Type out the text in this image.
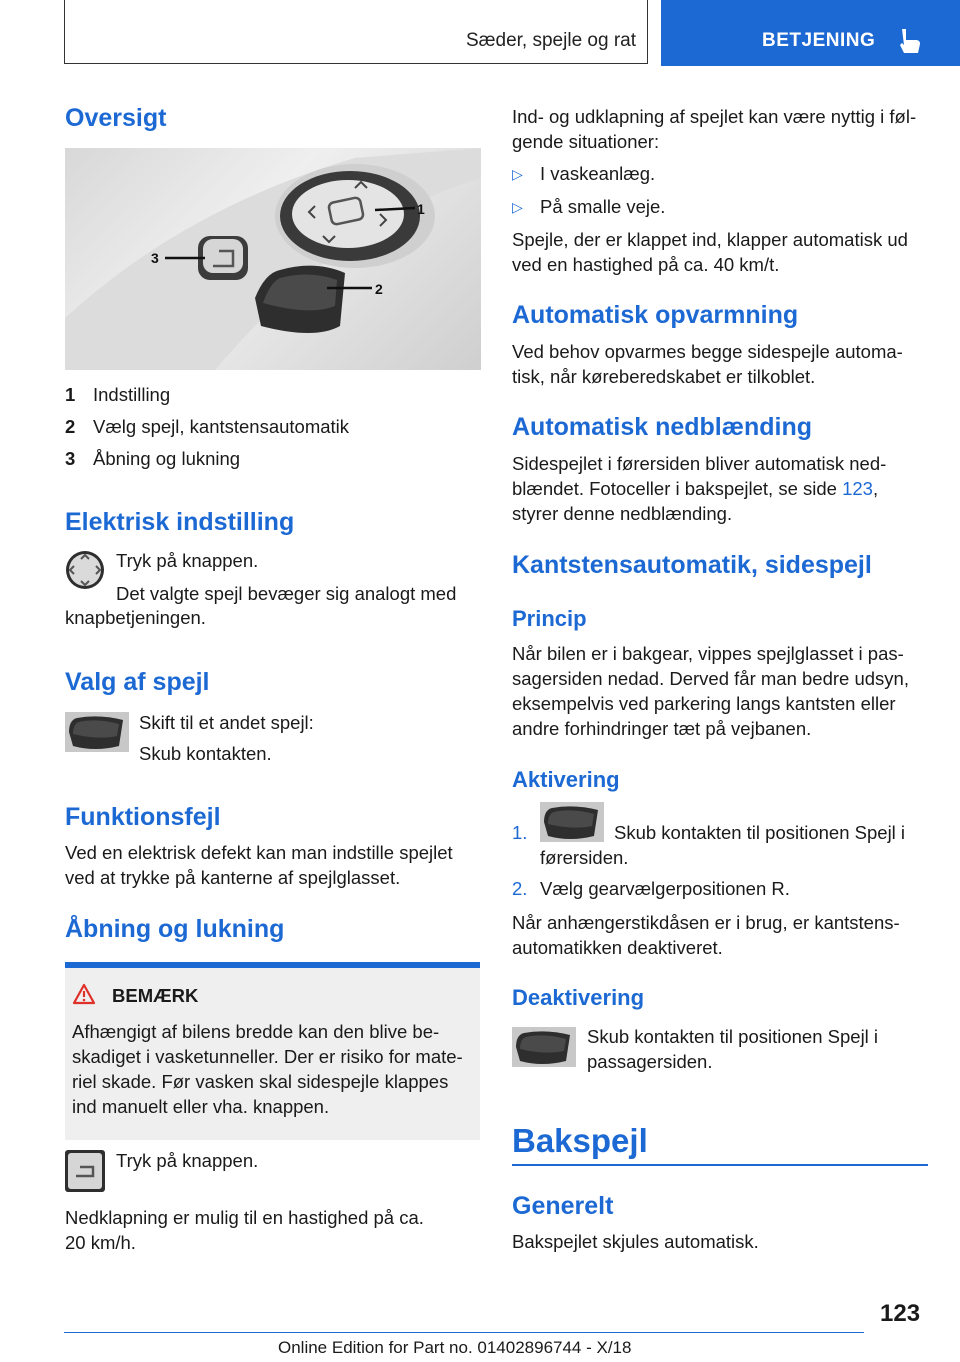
Sæder, spejle og rat	BETJENING
Oversigt
1
2
3
1 Indstilling
2 Vælg spejl, kantstensautomatik
3 Åbning og lukning
Elektrisk indstilling
Tryk på knappen.
Det valgte spejl bevæger sig analogt med
knapbetjeningen.
Valg af spejl
Skift til et andet spejl:
Skub kontakten.
Funktionsfejl
Ved en elektrisk defekt kan man indstille spejlet
ved at trykke på kanterne af spejlglasset.
Åbning og lukning
BEMÆRK
Afhængigt af bilens bredde kan den blive be-
skadiget i vasketunneller. Der er risiko for mate-
riel skade. Før vasken skal sidespejle klappes
ind manuelt eller vha. knappen.
Tryk på knappen.
Nedklapning er mulig til en hastighed på ca.
20 km/h.
Ind- og udklapning af spejlet kan være nyttig i føl-
gende situationer:
▷ I vaskeanlæg.
▷ På smalle veje.
Spejle, der er klappet ind, klapper automatisk ud
ved en hastighed på ca. 40 km/t.
Automatisk opvarmning
Ved behov opvarmes begge sidespejle automa-
tisk, når køreberedskabet er tilkoblet.
Automatisk nedblænding
Sidespejlet i førersiden bliver automatisk ned-
blændet. Fotoceller i bakspejlet, se side 123,
styrer denne nedblænding.
Kantstensautomatik, sidespejl
Princip
Når bilen er i bakgear, vippes spejlglasset i pas-
sagersiden nedad. Derved får man bedre udsyn,
eksempelvis ved parkering langs kantsten eller
andre forhindringer tæt på vejbanen.
Aktivering
1.	Skub kontakten til positionen Spejl i
førersiden.
2. Vælg gearvælgerpositionen R.
Når anhængerstikdåsen er i brug, er kantstens-
automatikken deaktiveret.
Deaktivering
Skub kontakten til positionen Spejl i
passagersiden.
Bakspejl
Generelt
Bakspejlet skjules automatisk.
123
Online Edition for Part no. 01402896744 - X/18
